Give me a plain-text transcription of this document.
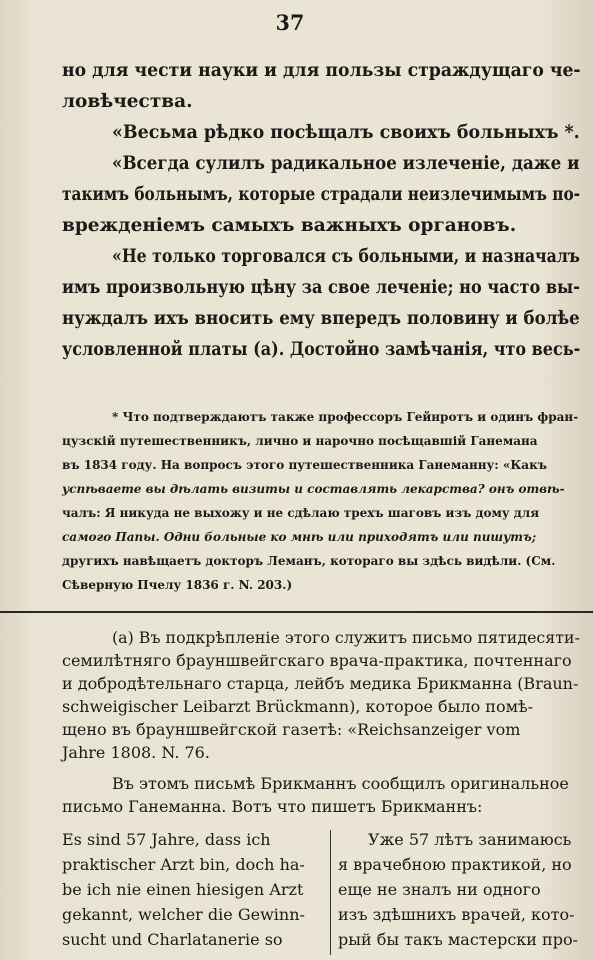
37
но для чести науки и для пользы страждущаго че-
ловѣчества.
«Весьма рѣдко посѣщалъ своихъ больныхъ *.
«Всегда сулилъ радикальное излеченіе, даже и
такимъ больнымъ, которые страдали неизлечимымъ по-
врежденіемъ самыхъ важныхъ органовъ.
«Не только торговался съ больными, и назначалъ
имъ произвольную цѣну за свое леченіе; но часто вы-
нуждалъ ихъ вносить ему впередъ половину и болѣе
условленной платы (а). Достойно замѣчанія, что весь-
* Что подтверждаютъ также профессоръ Гейнротъ и одинъ фран-
цузскій путешественникъ, лично и нарочно посѣщавшій Ганемана
въ 1834 году. На вопросъ этого путешественника Ганеманну: «Какъ
успѣваете вы дѣлать визиты и составлять лекарства? онъ отвѣ-
чалъ: Я никуда не выхожу и не сдѣлаю трехъ шаговъ изъ дому для
самого Папы. Одни больные ко мнѣ или приходятъ или пишутъ;
другихъ навѣщаетъ докторъ Леманъ, котораго вы здѣсь видѣли. (См.
Сѣверную Пчелу 1836 г. N. 203.)
(а) Въ подкрѣпленіе этого служитъ письмо пятидесяти-
семилѣтняго брауншвейгскаго врача-практика, почтеннаго
и добродѣтельнаго старца, лейбъ медика Брикманна (Braun-
schweigischer Leibarzt Brückmann), которое было помѣ-
щено въ брауншвейгской газетѣ: «Reichsanzeiger vom
Jahre 1808. N. 76.
Въ этомъ письмѣ Брикманнъ сообщилъ оригинальное
письмо Ганеманна. Вотъ что пишетъ Брикманнъ:
Es sind 57 Jahre, dass ich
praktischer Arzt bin, doch ha-
be ich nie einen hiesigen Arzt
gekannt, welcher die Gewinn-
sucht und Charlatanerie so
Уже 57 лѣтъ занимаюсь
я врачебною практикой, но
еще не зналъ ни одного
изъ здѣшнихъ врачей, кото-
рый бы такъ мастерски про-
